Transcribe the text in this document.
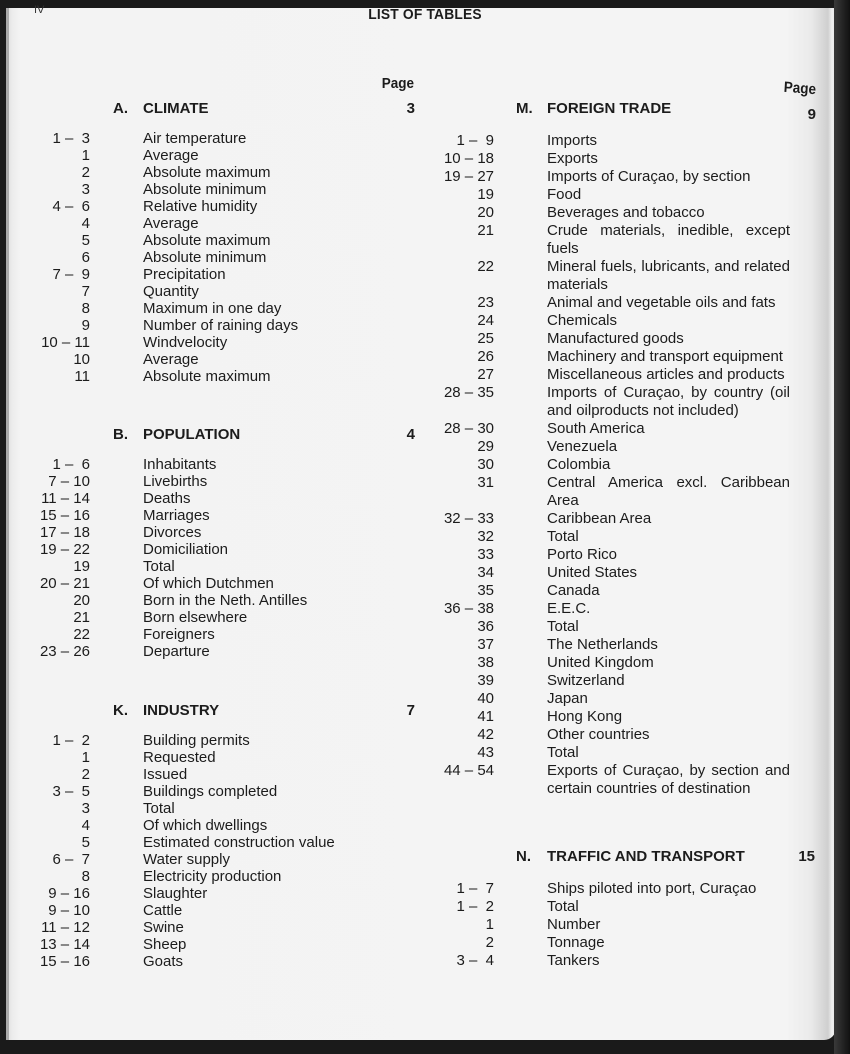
IV	LIST OF TABLES
Page	Page
A. CLIMATE	3
1 –  3	Air temperature
1	Average
2	Absolute maximum
3	Absolute minimum
4 –  6	Relative humidity
4	Average
5	Absolute maximum
6	Absolute minimum
7 –  9	Precipitation
7	Quantity
8	Maximum in one day
9	Number of raining days
10 – 11	Windvelocity
10	Average
11	Absolute maximum
B. POPULATION	4
1 –  6	Inhabitants
7 – 10	Livebirths
11 – 14	Deaths
15 – 16	Marriages
17 – 18	Divorces
19 – 22	Domiciliation
19	Total
20 – 21	Of which Dutchmen
20	Born in the Neth. Antilles
21	Born elsewhere
22	Foreigners
23 – 26	Departure
K. INDUSTRY	7
1 –  2	Building permits
1	Requested
2	Issued
3 –  5	Buildings completed
3	Total
4	Of which dwellings
5	Estimated construction value
6 –  7	Water supply
8	Electricity production
9 – 16	Slaughter
9 – 10	Cattle
11 – 12	Swine
13 – 14	Sheep
15 – 16	Goats
M. FOREIGN TRADE	9
1 –  9	Imports
10 – 18	Exports
19 – 27	Imports of Curaçao, by section
19	Food
20	Beverages and tobacco
21	Crude materials, inedible, except fuels
22	Mineral fuels, lubricants, and related materials
23	Animal and vegetable oils and fats
24	Chemicals
25	Manufactured goods
26	Machinery and transport equipment
27	Miscellaneous articles and products
28 – 35	Imports of Curaçao, by country (oil and oilproducts not included)
28 – 30	South America
29	Venezuela
30	Colombia
31	Central America excl. Caribbean Area
32 – 33	Caribbean Area
32	Total
33	Porto Rico
34	United States
35	Canada
36 – 38	E.E.C.
36	Total
37	The Netherlands
38	United Kingdom
39	Switzerland
40	Japan
41	Hong Kong
42	Other countries
43	Total
44 – 54	Exports of Curaçao, by section and certain countries of destination
N. TRAFFIC AND TRANSPORT	15
1 –  7	Ships piloted into port, Curaçao
1 –  2	Total
1	Number
2	Tonnage
3 –  4	Tankers
